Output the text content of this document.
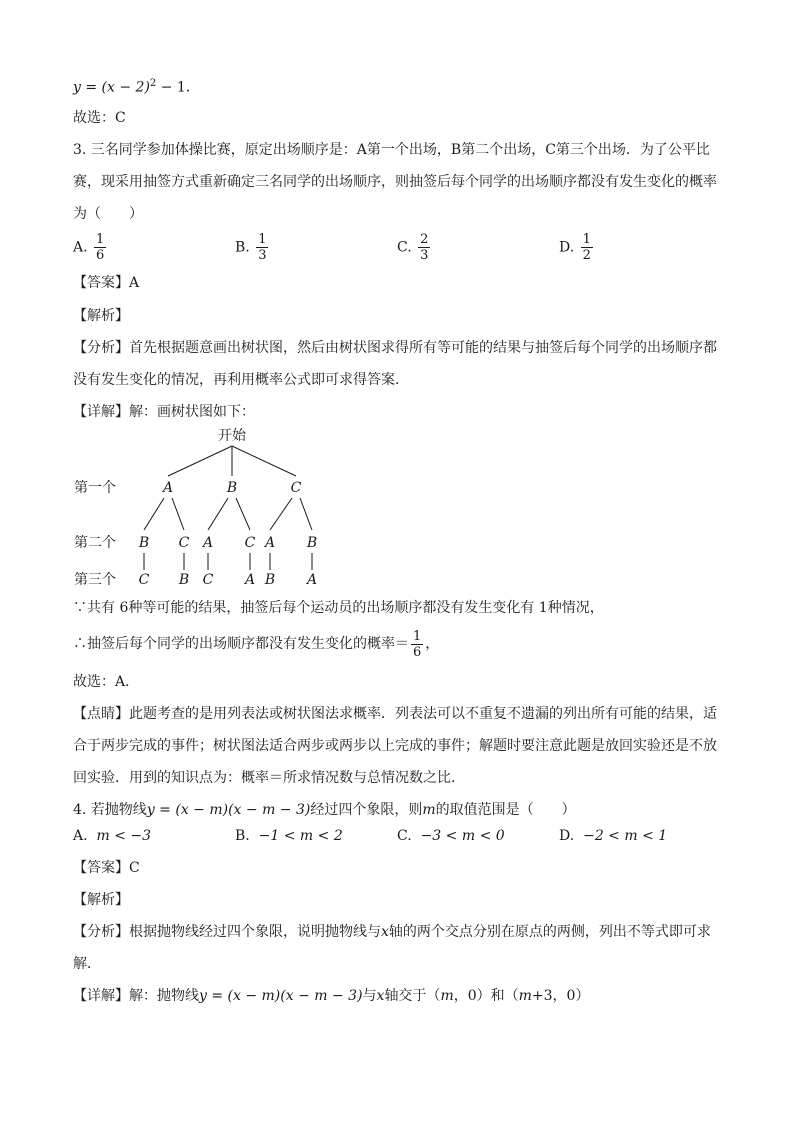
$y = (x - 2)^2 - 1$．
故选：C
3. 三名同学参加体操比赛，原定出场顺序是：A第一个出场，B第二个出场，C第三个出场．为了公平比
赛，现采用抽签方式重新确定三名同学的出场顺序，则抽签后每个同学的出场顺序都没有发生变化的概率
为（　　）
A. $\frac{1}{6}$	B. $\frac{1}{3}$	C. $\frac{2}{3}$	D. $\frac{1}{2}$
【答案】A
【解析】
【分析】首先根据题意画出树状图，然后由树状图求得所有等可能的结果与抽签后每个同学的出场顺序都
没有发生变化的情况，再利用概率公式即可求得答案．
【详解】解：画树状图如下：
开始
第一个
第二个
第三个
A	B	C
B C A C A B
C B C A B A
∵共有 6种等可能的结果，抽签后每个运动员的出场顺序都没有发生变化有 1种情况，
∴抽签后每个同学的出场顺序都没有发生变化的概率＝ $\frac{1}{6}$ ，
故选：A．
【点睛】此题考查的是用列表法或树状图法求概率．列表法可以不重复不遗漏的列出所有可能的结果，适
合于两步完成的事件；树状图法适合两步或两步以上完成的事件；解题时要注意此题是放回实验还是不放
回实验．用到的知识点为：概率＝所求情况数与总情况数之比．
4. 若抛物线y = (x − m)(x − m − 3)经过四个象限，则m的取值范围是（　　）
A. m < −3	B. −1 < m < 2	C. −3 < m < 0	D. −2 < m < 1
【答案】C
【解析】
【分析】根据抛物线经过四个象限，说明抛物线与x轴的两个交点分别在原点的两侧，列出不等式即可求
解．
【详解】解：抛物线y = (x − m)(x − m − 3)与x轴交于（m，0）和（m+3，0）
